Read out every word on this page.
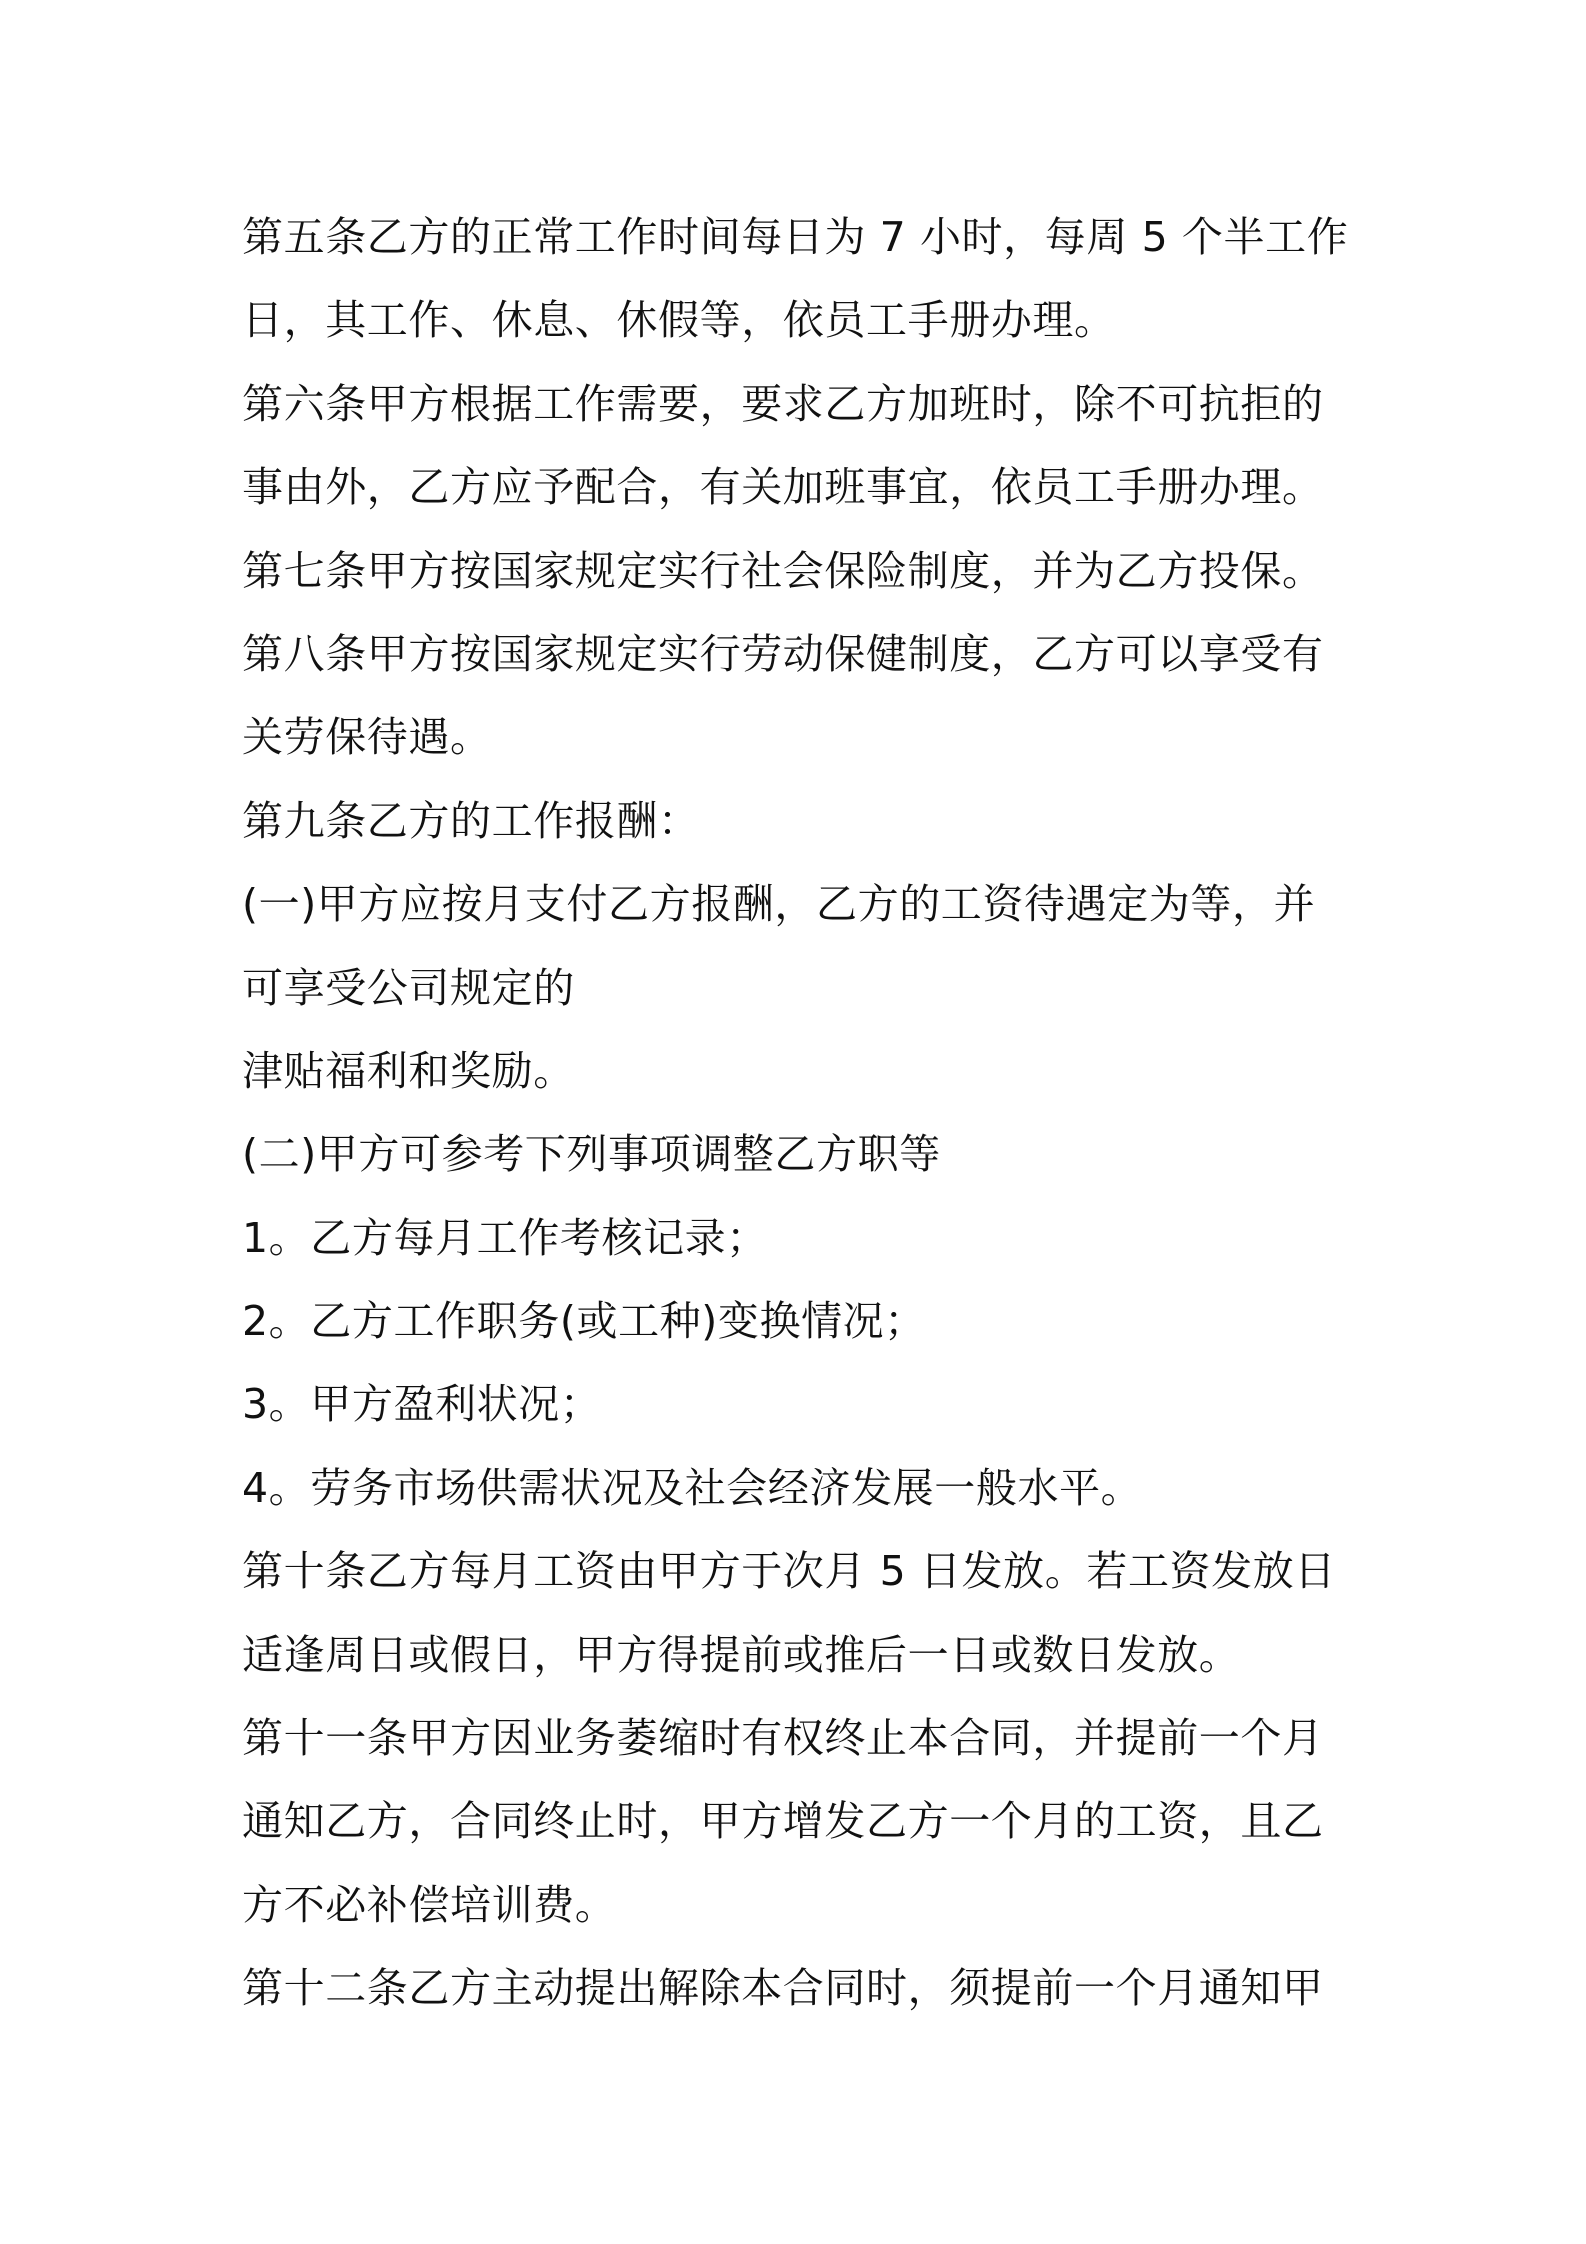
第五条乙方的正常工作时间每日为 7 小时，每周 5 个半工作
日，其工作、休息、休假等，依员工手册办理。
第六条甲方根据工作需要，要求乙方加班时，除不可抗拒的
事由外，乙方应予配合，有关加班事宜，依员工手册办理。
第七条甲方按国家规定实行社会保险制度，并为乙方投保。
第八条甲方按国家规定实行劳动保健制度，乙方可以享受有
关劳保待遇。
第九条乙方的工作报酬：
(一)甲方应按月支付乙方报酬，乙方的工资待遇定为等，并
可享受公司规定的
津贴福利和奖励。
(二)甲方可参考下列事项调整乙方职等
1。乙方每月工作考核记录；
2。乙方工作职务(或工种)变换情况；
3。甲方盈利状况；
4。劳务市场供需状况及社会经济发展一般水平。
第十条乙方每月工资由甲方于次月 5 日发放。若工资发放日
适逢周日或假日，甲方得提前或推后一日或数日发放。
第十一条甲方因业务萎缩时有权终止本合同，并提前一个月
通知乙方，合同终止时，甲方增发乙方一个月的工资，且乙
方不必补偿培训费。
第十二条乙方主动提出解除本合同时，须提前一个月通知甲
